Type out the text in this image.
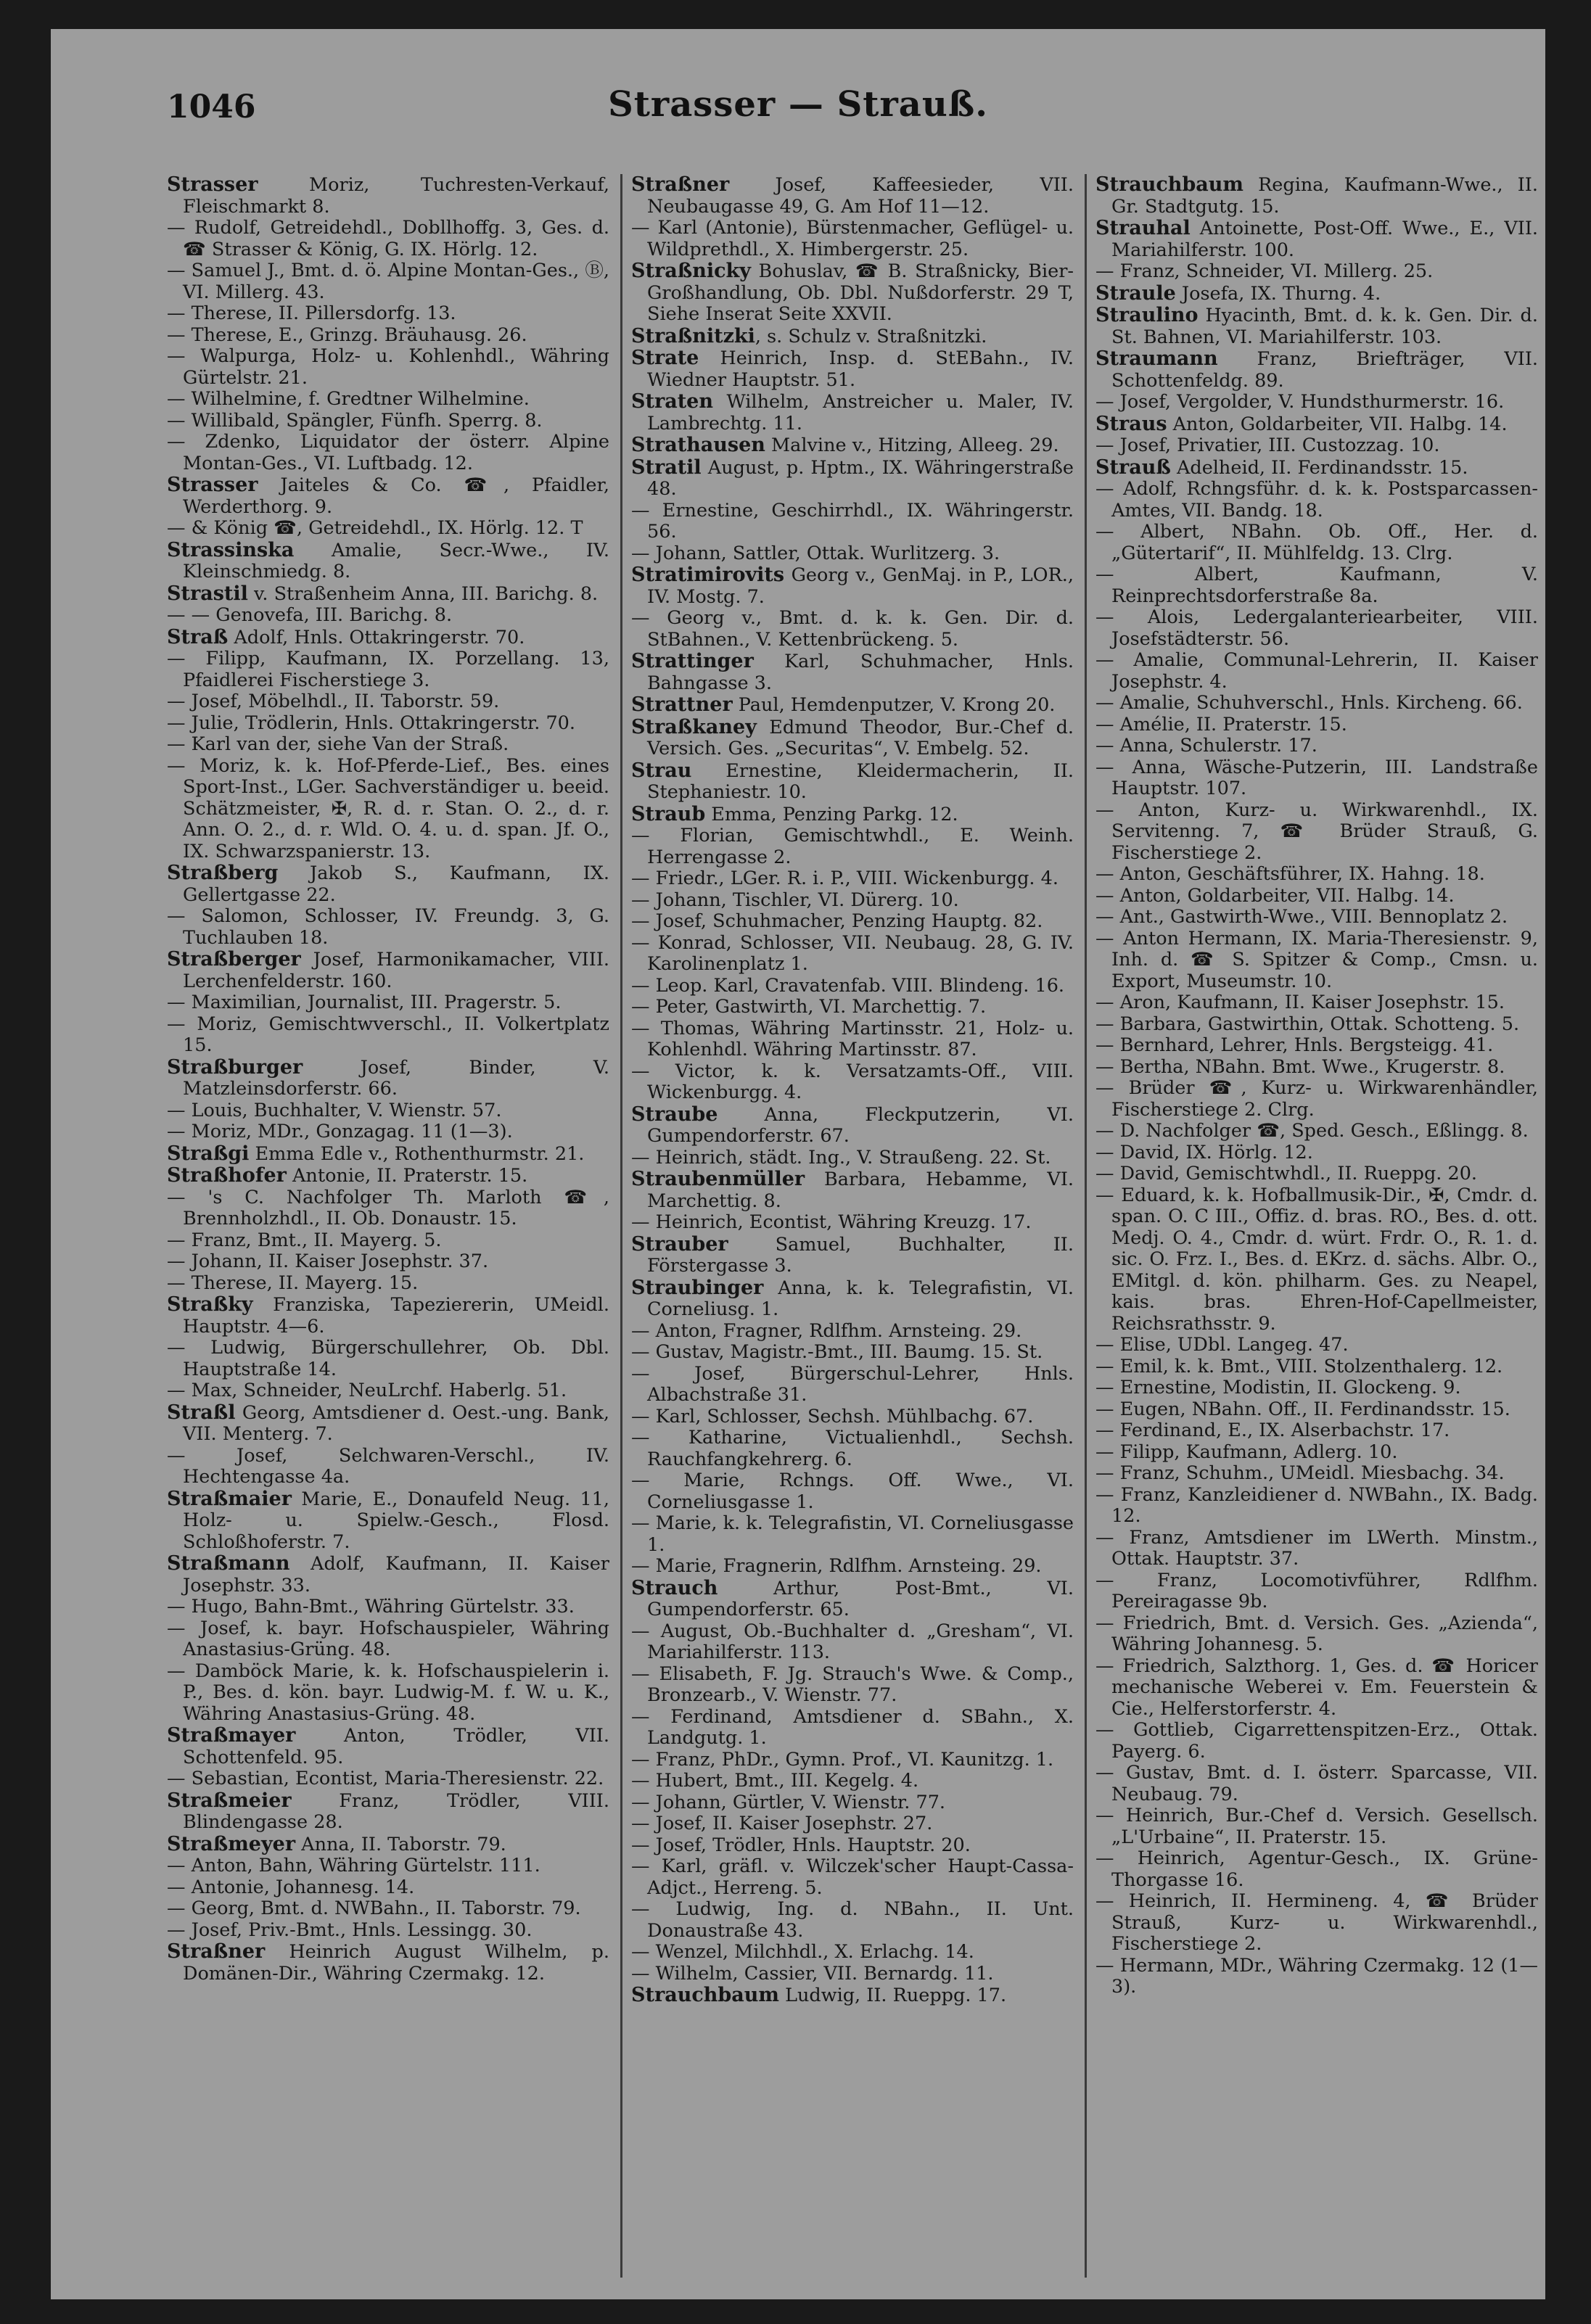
1046	Strasser — Strauß.
Strasser Moriz, Tuchresten-Verkauf, Fleischmarkt 8.
— Rudolf, Getreidehdl., Dobllhoffg. 3, Ges. d. ☎ Strasser & König, G. IX. Hörlg. 12.
— Samuel J., Bmt. d. ö. Alpine Montan-Ges., Ⓑ, VI. Millerg. 43.
— Therese, II. Pillersdorfg. 13.
— Therese, E., Grinzg. Bräuhausg. 26.
— Walpurga, Holz- u. Kohlenhdl., Währing Gürtelstr. 21.
— Wilhelmine, f. Gredtner Wilhelmine.
— Willibald, Spängler, Fünfh. Sperrg. 8.
— Zdenko, Liquidator der österr. Alpine Montan-Ges., VI. Luftbadg. 12.
Strasser Jaiteles & Co. ☎, Pfaidler, Werderthorg. 9.
— & König ☎, Getreidehdl., IX. Hörlg. 12. T
Strassinska Amalie, Secr.-Wwe., IV. Kleinschmiedg. 8.
Strastil v. Straßenheim Anna, III. Barichg. 8.
— — Genovefa, III. Barichg. 8.
Straß Adolf, Hnls. Ottakringerstr. 70.
— Filipp, Kaufmann, IX. Porzellang. 13, Pfaidlerei Fischerstiege 3.
— Josef, Möbelhdl., II. Taborstr. 59.
— Julie, Trödlerin, Hnls. Ottakringerstr. 70.
— Karl van der, siehe Van der Straß.
— Moriz, k. k. Hof-Pferde-Lief., Bes. eines Sport-Inst., LGer. Sachverständiger u. beeid. Schätzmeister, ✠, R. d. r. Stan. O. 2., d. r. Ann. O. 2., d. r. Wld. O. 4. u. d. span. Jf. O., IX. Schwarzspanierstr. 13.
Straßberg Jakob S., Kaufmann, IX. Gellertgasse 22.
— Salomon, Schlosser, IV. Freundg. 3, G. Tuchlauben 18.
Straßberger Josef, Harmonikamacher, VIII. Lerchenfelderstr. 160.
— Maximilian, Journalist, III. Pragerstr. 5.
— Moriz, Gemischtwverschl., II. Volkertplatz 15.
Straßburger Josef, Binder, V. Matzleinsdorferstr. 66.
— Louis, Buchhalter, V. Wienstr. 57.
— Moriz, MDr., Gonzagag. 11 (1—3).
Straßgi Emma Edle v., Rothenthurmstr. 21.
Straßhofer Antonie, II. Praterstr. 15.
— 's C. Nachfolger Th. Marloth ☎, Brennholzhdl., II. Ob. Donaustr. 15.
— Franz, Bmt., II. Mayerg. 5.
— Johann, II. Kaiser Josephstr. 37.
— Therese, II. Mayerg. 15.
Straßky Franziska, Tapeziererin, UMeidl. Hauptstr. 4—6.
— Ludwig, Bürgerschullehrer, Ob. Dbl. Hauptstraße 14.
— Max, Schneider, NeuLrchf. Haberlg. 51.
Straßl Georg, Amtsdiener d. Oest.-ung. Bank, VII. Menterg. 7.
— Josef, Selchwaren-Verschl., IV. Hechtengasse 4a.
Straßmaier Marie, E., Donaufeld Neug. 11, Holz- u. Spielw.-Gesch., Flosd. Schloßhoferstr. 7.
Straßmann Adolf, Kaufmann, II. Kaiser Josephstr. 33.
— Hugo, Bahn-Bmt., Währing Gürtelstr. 33.
— Josef, k. bayr. Hofschauspieler, Währing Anastasius-Grüng. 48.
— Damböck Marie, k. k. Hofschauspielerin i. P., Bes. d. kön. bayr. Ludwig-M. f. W. u. K., Währing Anastasius-Grüng. 48.
Straßmayer Anton, Trödler, VII. Schottenfeld. 95.
— Sebastian, Econtist, Maria-Theresienstr. 22.
Straßmeier Franz, Trödler, VIII. Blindengasse 28.
Straßmeyer Anna, II. Taborstr. 79.
— Anton, Bahn, Währing Gürtelstr. 111.
— Antonie, Johannesg. 14.
— Georg, Bmt. d. NWBahn., II. Taborstr. 79.
— Josef, Priv.-Bmt., Hnls. Lessingg. 30.
Straßner Heinrich August Wilhelm, p. Domänen-Dir., Währing Czermakg. 12.
Straßner Josef, Kaffeesieder, VII. Neubaugasse 49, G. Am Hof 11—12.
— Karl (Antonie), Bürstenmacher, Geflügel- u. Wildprethdl., X. Himbergerstr. 25.
Straßnicky Bohuslav, ☎ B. Straßnicky, Bier-Großhandlung, Ob. Dbl. Nußdorferstr. 29 T, Siehe Inserat Seite XXVII.
Straßnitzki, s. Schulz v. Straßnitzki.
Strate Heinrich, Insp. d. StEBahn., IV. Wiedner Hauptstr. 51.
Straten Wilhelm, Anstreicher u. Maler, IV. Lambrechtg. 11.
Strathausen Malvine v., Hitzing, Alleeg. 29.
Stratil August, p. Hptm., IX. Währingerstraße 48.
— Ernestine, Geschirrhdl., IX. Währingerstr. 56.
— Johann, Sattler, Ottak. Wurlitzerg. 3.
Stratimirovits Georg v., GenMaj. in P., LOR., IV. Mostg. 7.
— Georg v., Bmt. d. k. k. Gen. Dir. d. StBahnen., V. Kettenbrückeng. 5.
Strattinger Karl, Schuhmacher, Hnls. Bahngasse 3.
Strattner Paul, Hemdenputzer, V. Krong 20.
Straßkaney Edmund Theodor, Bur.-Chef d. Versich. Ges. „Securitas“, V. Embelg. 52.
Strau Ernestine, Kleidermacherin, II. Stephaniestr. 10.
Straub Emma, Penzing Parkg. 12.
— Florian, Gemischtwhdl., E. Weinh. Herrengasse 2.
— Friedr., LGer. R. i. P., VIII. Wickenburgg. 4.
— Johann, Tischler, VI. Dürerg. 10.
— Josef, Schuhmacher, Penzing Hauptg. 82.
— Konrad, Schlosser, VII. Neubaug. 28, G. IV. Karolinenplatz 1.
— Leop. Karl, Cravatenfab. VIII. Blindeng. 16.
— Peter, Gastwirth, VI. Marchettig. 7.
— Thomas, Währing Martinsstr. 21, Holz- u. Kohlenhdl. Währing Martinsstr. 87.
— Victor, k. k. Versatzamts-Off., VIII. Wickenburgg. 4.
Straube Anna, Fleckputzerin, VI. Gumpendorferstr. 67.
— Heinrich, städt. Ing., V. Straußeng. 22. St.
Straubenmüller Barbara, Hebamme, VI. Marchettig. 8.
— Heinrich, Econtist, Währing Kreuzg. 17.
Strauber Samuel, Buchhalter, II. Förstergasse 3.
Straubinger Anna, k. k. Telegrafistin, VI. Corneliusg. 1.
— Anton, Fragner, Rdlfhm. Arnsteing. 29.
— Gustav, Magistr.-Bmt., III. Baumg. 15. St.
— Josef, Bürgerschul-Lehrer, Hnls. Albachstraße 31.
— Karl, Schlosser, Sechsh. Mühlbachg. 67.
— Katharine, Victualienhdl., Sechsh. Rauchfangkehrerg. 6.
— Marie, Rchngs. Off. Wwe., VI. Corneliusgasse 1.
— Marie, k. k. Telegrafistin, VI. Corneliusgasse 1.
— Marie, Fragnerin, Rdlfhm. Arnsteing. 29.
Strauch Arthur, Post-Bmt., VI. Gumpendorferstr. 65.
— August, Ob.-Buchhalter d. „Gresham“, VI. Mariahilferstr. 113.
— Elisabeth, F. Jg. Strauch's Wwe. & Comp., Bronzearb., V. Wienstr. 77.
— Ferdinand, Amtsdiener d. SBahn., X. Landgutg. 1.
— Franz, PhDr., Gymn. Prof., VI. Kaunitzg. 1.
— Hubert, Bmt., III. Kegelg. 4.
— Johann, Gürtler, V. Wienstr. 77.
— Josef, II. Kaiser Josephstr. 27.
— Josef, Trödler, Hnls. Hauptstr. 20.
— Karl, gräfl. v. Wilczek'scher Haupt-Cassa-Adjct., Herreng. 5.
— Ludwig, Ing. d. NBahn., II. Unt. Donaustraße 43.
— Wenzel, Milchhdl., X. Erlachg. 14.
— Wilhelm, Cassier, VII. Bernardg. 11.
Strauchbaum Ludwig, II. Rueppg. 17.
Strauchbaum Regina, Kaufmann-Wwe., II. Gr. Stadtgutg. 15.
Strauhal Antoinette, Post-Off. Wwe., E., VII. Mariahilferstr. 100.
— Franz, Schneider, VI. Millerg. 25.
Straule Josefa, IX. Thurng. 4.
Straulino Hyacinth, Bmt. d. k. k. Gen. Dir. d. St. Bahnen, VI. Mariahilferstr. 103.
Straumann Franz, Briefträger, VII. Schottenfeldg. 89.
— Josef, Vergolder, V. Hundsthurmerstr. 16.
Straus Anton, Goldarbeiter, VII. Halbg. 14.
— Josef, Privatier, III. Custozzag. 10.
Strauß Adelheid, II. Ferdinandsstr. 15.
— Adolf, Rchngsführ. d. k. k. Postsparcassen-Amtes, VII. Bandg. 18.
— Albert, NBahn. Ob. Off., Her. d. „Gütertarif“, II. Mühlfeldg. 13. Clrg.
— Albert, Kaufmann, V. Reinprechtsdorferstraße 8a.
— Alois, Ledergalanteriearbeiter, VIII. Josefstädterstr. 56.
— Amalie, Communal-Lehrerin, II. Kaiser Josephstr. 4.
— Amalie, Schuhverschl., Hnls. Kircheng. 66.
— Amélie, II. Praterstr. 15.
— Anna, Schulerstr. 17.
— Anna, Wäsche-Putzerin, III. Landstraße Hauptstr. 107.
— Anton, Kurz- u. Wirkwarenhdl., IX. Servitenng. 7, ☎ Brüder Strauß, G. Fischerstiege 2.
— Anton, Geschäftsführer, IX. Hahng. 18.
— Anton, Goldarbeiter, VII. Halbg. 14.
— Ant., Gastwirth-Wwe., VIII. Bennoplatz 2.
— Anton Hermann, IX. Maria-Theresienstr. 9, Inh. d. ☎ S. Spitzer & Comp., Cmsn. u. Export, Museumstr. 10.
— Aron, Kaufmann, II. Kaiser Josephstr. 15.
— Barbara, Gastwirthin, Ottak. Schotteng. 5.
— Bernhard, Lehrer, Hnls. Bergsteigg. 41.
— Bertha, NBahn. Bmt. Wwe., Krugerstr. 8.
— Brüder ☎, Kurz- u. Wirkwarenhändler, Fischerstiege 2. Clrg.
— D. Nachfolger ☎, Sped. Gesch., Eßlingg. 8.
— David, IX. Hörlg. 12.
— David, Gemischtwhdl., II. Rueppg. 20.
— Eduard, k. k. Hofballmusik-Dir., ✠, Cmdr. d. span. O. C III., Offiz. d. bras. RO., Bes. d. ott. Medj. O. 4., Cmdr. d. würt. Frdr. O., R. 1. d. sic. O. Frz. I., Bes. d. EKrz. d. sächs. Albr. O., EMitgl. d. kön. philharm. Ges. zu Neapel, kais. bras. Ehren-Hof-Capellmeister, Reichsrathsstr. 9.
— Elise, UDbl. Langeg. 47.
— Emil, k. k. Bmt., VIII. Stolzenthalerg. 12.
— Ernestine, Modistin, II. Glockeng. 9.
— Eugen, NBahn. Off., II. Ferdinandsstr. 15.
— Ferdinand, E., IX. Alserbachstr. 17.
— Filipp, Kaufmann, Adlerg. 10.
— Franz, Schuhm., UMeidl. Miesbachg. 34.
— Franz, Kanzleidiener d. NWBahn., IX. Badg. 12.
— Franz, Amtsdiener im LWerth. Minstm., Ottak. Hauptstr. 37.
— Franz, Locomotivführer, Rdlfhm. Pereiragasse 9b.
— Friedrich, Bmt. d. Versich. Ges. „Azienda“, Währing Johannesg. 5.
— Friedrich, Salzthorg. 1, Ges. d. ☎ Horicer mechanische Weberei v. Em. Feuerstein & Cie., Helferstorferstr. 4.
— Gottlieb, Cigarrettenspitzen-Erz., Ottak. Payerg. 6.
— Gustav, Bmt. d. I. österr. Sparcasse, VII. Neubaug. 79.
— Heinrich, Bur.-Chef d. Versich. Gesellsch. „L'Urbaine“, II. Praterstr. 15.
— Heinrich, Agentur-Gesch., IX. Grüne-Thorgasse 16.
— Heinrich, II. Hermineng. 4, ☎ Brüder Strauß, Kurz- u. Wirkwarenhdl., Fischerstiege 2.
— Hermann, MDr., Währing Czermakg. 12 (1—3).
